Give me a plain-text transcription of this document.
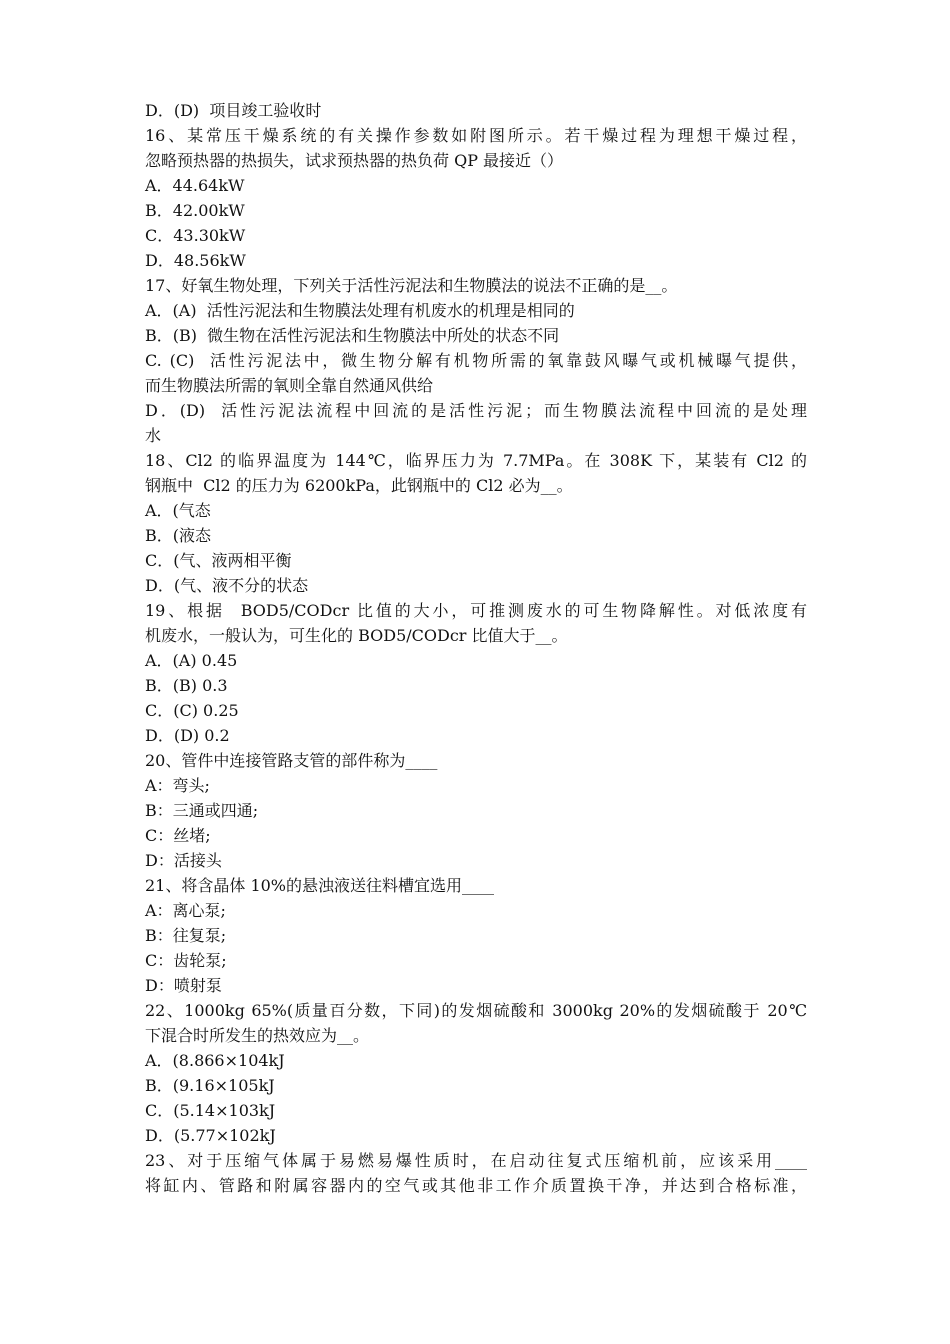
D．(D)  项目竣工验收时
16、某常压干燥系统的有关操作参数如附图所示。若干燥过程为理想干燥过程，
忽略预热器的热损失，试求预热器的热负荷 QP 最接近（）
A．44.64kW
B．42.00kW
C．43.30kW
D．48.56kW
17、好氧生物处理，下列关于活性污泥法和生物膜法的说法不正确的是__。
A．(A)  活性污泥法和生物膜法处理有机废水的机理是相同的
B．(B)  微生物在活性污泥法和生物膜法中所处的状态不同
C. (C)  活性污泥法中，微生物分解有机物所需的氧靠鼓风曝气或机械曝气提供，
而生物膜法所需的氧则全靠自然通风供给
D．(D)  活性污泥法流程中回流的是活性污泥；而生物膜法流程中回流的是处理
水
18、Cl2 的临界温度为 144℃，临界压力为 7.7MPa。在 308K 下，某装有 Cl2 的
钢瓶中  Cl2 的压力为 6200kPa，此钢瓶中的 Cl2 必为__。
A．(气态
B．(液态
C．(气、液两相平衡
D．(气、液不分的状态
19、根据  BOD5/CODcr 比值的大小，可推测废水的可生物降解性。对低浓度有
机废水，一般认为，可生化的 BOD5/CODcr 比值大于__。
A．(A) 0.45
B．(B) 0.3
C．(C) 0.25
D．(D) 0.2
20、管件中连接管路支管的部件称为____
A：弯头;
B：三通或四通;
C：丝堵;
D：活接头
21、将含晶体 10%的悬浊液送往料槽宜选用____
A：离心泵;
B：往复泵;
C：齿轮泵;
D：喷射泵
22、1000kg 65%(质量百分数，下同)的发烟硫酸和 3000kg 20%的发烟硫酸于 20℃
下混合时所发生的热效应为__。
A．(8.866×104kJ
B．(9.16×105kJ
C．(5.14×103kJ
D．(5.77×102kJ
23、对于压缩气体属于易燃易爆性质时，在启动往复式压缩机前，应该采用____
将缸内、管路和附属容器内的空气或其他非工作介质置换干净，并达到合格标准，
